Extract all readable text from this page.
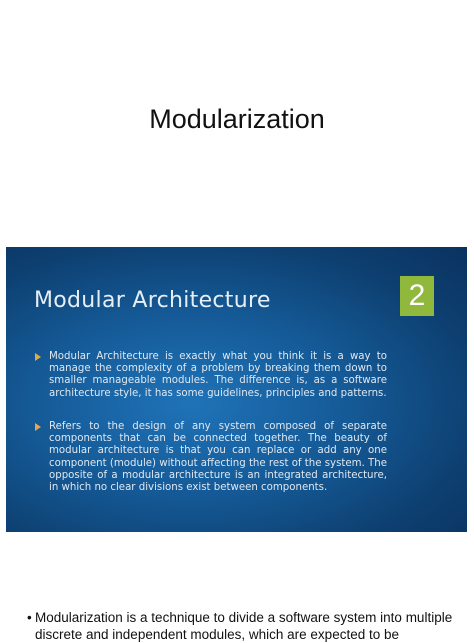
Modularization
Modular Architecture	2
Modular Architecture is exactly what you think it is a way to manage the complexity of a problem by breaking them down to smaller manageable modules. The difference is, as a software architecture style, it has some guidelines, principles and patterns.
Refers to the design of any system composed of separate components that can be connected together. The beauty of modular architecture is that you can replace or add any one component (module) without affecting the rest of the system. The opposite of a modular architecture is an integrated architecture, in which no clear divisions exist between components.
• Modularization is a technique to divide a software system into multiple discrete and independent modules, which are expected to be
